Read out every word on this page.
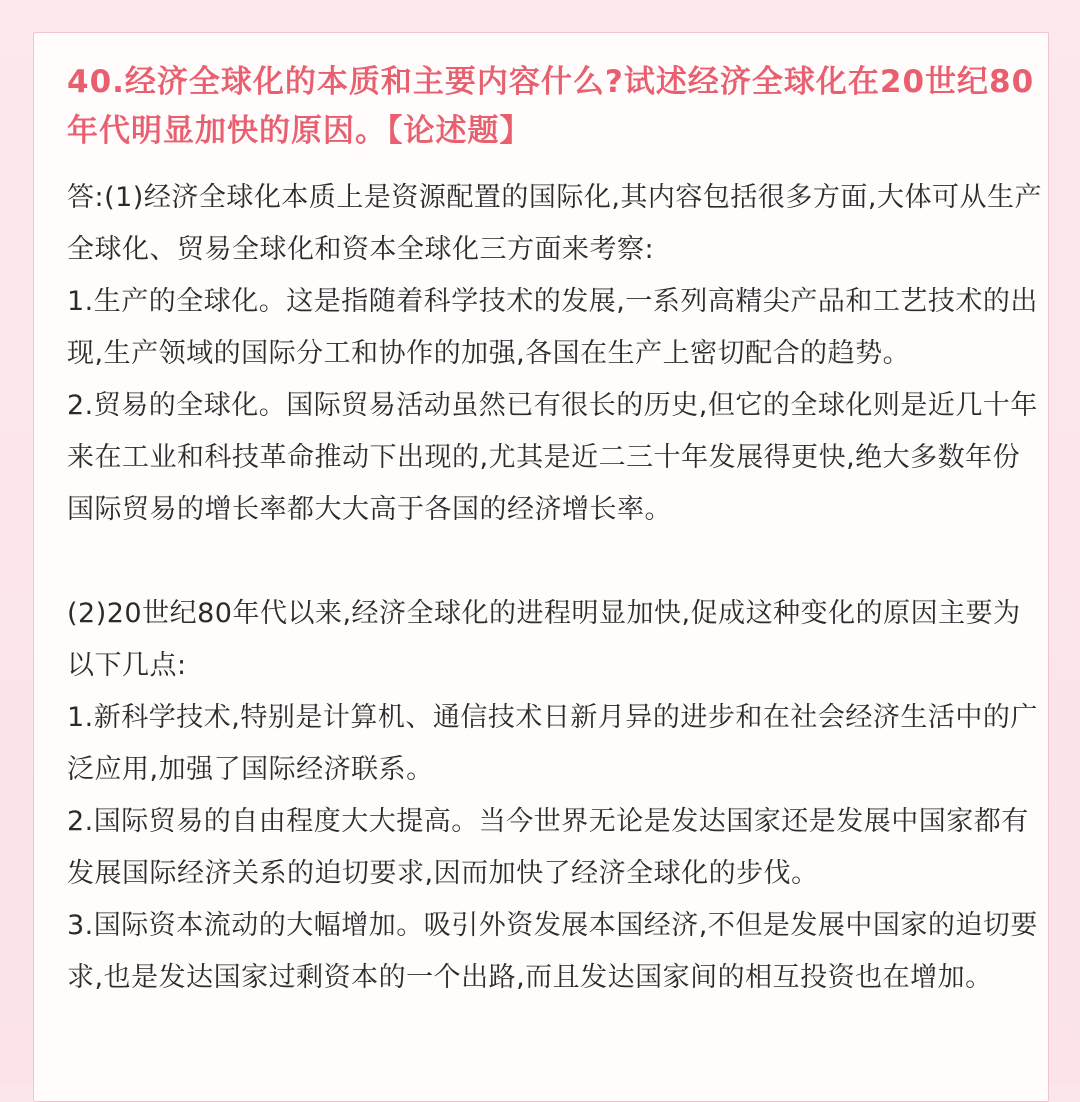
40.经济全球化的本质和主要内容什么?试述经济全球化在20世纪80年代明显加快的原因。【论述题】

答:(1)经济全球化本质上是资源配置的国际化,其内容包括很多方面,大体可从生产全球化、贸易全球化和资本全球化三方面来考察:

1.生产的全球化。这是指随着科学技术的发展,一系列高精尖产品和工艺技术的出现,生产领域的国际分工和协作的加强,各国在生产上密切配合的趋势。

2.贸易的全球化。国际贸易活动虽然已有很长的历史,但它的全球化则是近几十年来在工业和科技革命推动下出现的,尤其是近二三十年发展得更快,绝大多数年份国际贸易的增长率都大大高于各国的经济增长率。

(2)20世纪80年代以来,经济全球化的进程明显加快,促成这种变化的原因主要为以下几点:

1.新科学技术,特别是计算机、通信技术日新月异的进步和在社会经济生活中的广泛应用,加强了国际经济联系。

2.国际贸易的自由程度大大提高。当今世界无论是发达国家还是发展中国家都有发展国际经济关系的迫切要求,因而加快了经济全球化的步伐。

3.国际资本流动的大幅增加。吸引外资发展本国经济,不但是发展中国家的迫切要求,也是发达国家过剩资本的一个出路,而且发达国家间的相互投资也在增加。
